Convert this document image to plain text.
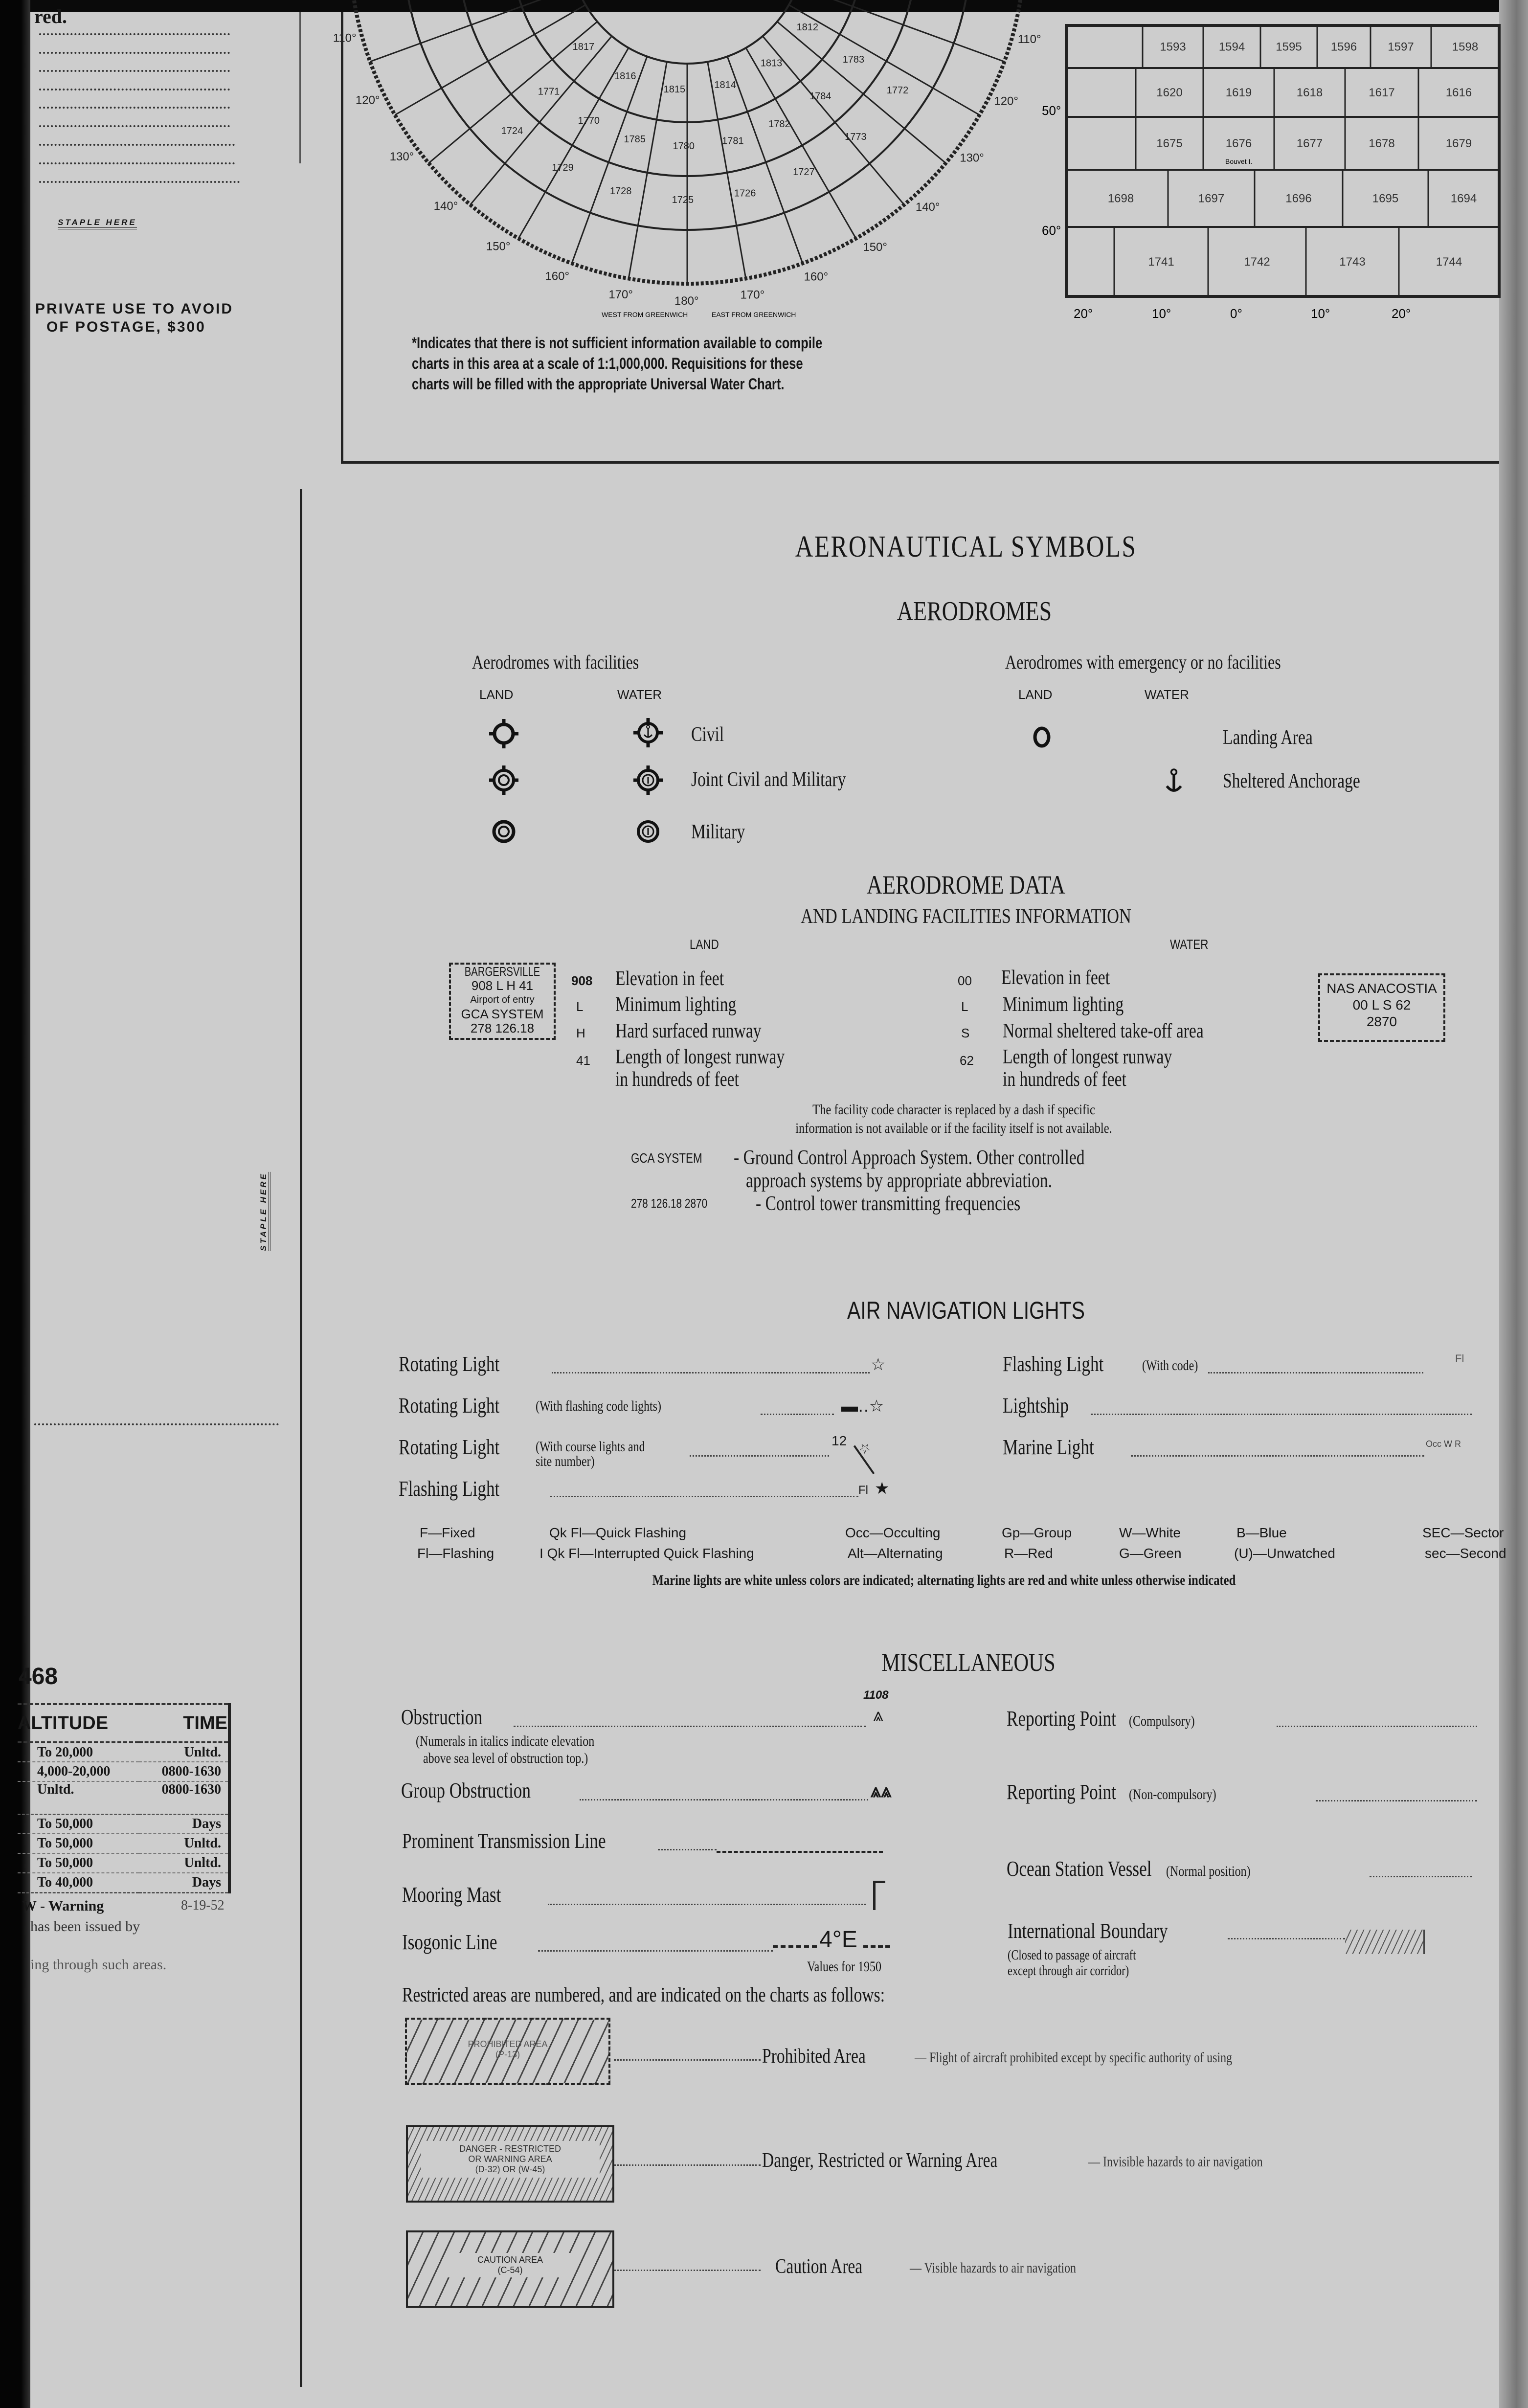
red.
STAPLE HERE
PRIVATE USE TO AVOID
OF POSTAGE, $300
STAPLE HERE
468
ALTITUDE	TIME
To 20,000	Unltd.
4,000-20,000	0800-1630
Unltd.	0800-1630
To 50,000	Days
To 50,000	Unltd.
To 50,000	Unltd.
To 40,000	Days
W - Warning	8-19-52
has been issued by
ing through such areas.
1812
1813
1814
1815
1816
1817
1783
1784
1782
1781
1780
1785
1770
1771	1772
1773
1727
1726
1725
1728
1729
1724
110°
120°
130°
140°
150°
160°
170°	180°	170°
160°
150°
140°
130°
120°
110°
WEST FROM GREENWICH	EAST FROM GREENWICH
1593	1594	1595 1596	1597	1598
1620	1619	1618	1617	1616
1675	1676	1677	1678	1679
1698	1697	1696	1695	1694
1741	1742	1743	1744
Bouvet I.
50°
60°
20°	10°	0°	10°	20°
*Indicates that there is not sufficient information available to compile
charts in this area at a scale of 1:1,000,000. Requisitions for these
charts will be filled with the appropriate Universal Water Chart.
AERONAUTICAL SYMBOLS
AERODROMES
Aerodromes with facilities	Aerodromes with emergency or no facilities
LAND	WATER	LAND	WATER
Civil
Joint Civil and Military
Military
Landing Area
Sheltered Anchorage
AERODROME DATA
AND LANDING FACILITIES INFORMATION
LAND	WATER
BARGERSVILLE
908 L H 41
Airport of entry
GCA SYSTEM
278 126.18
NAS ANACOSTIA
00 L S 62
2870
908 Elevation in feet
L Minimum lighting
H Hard surfaced runway
41 Length of longest runway
in hundreds of feet
00 Elevation in feet
L Minimum lighting
S Normal sheltered take-off area
62 Length of longest runway
in hundreds of feet
The facility code character is replaced by a dash if specific
information is not available or if the facility itself is not available.
GCA SYSTEM	- Ground Control Approach System. Other controlled
approach systems by appropriate abbreviation.
278 126.18 2870	- Control tower transmitting frequencies
AIR NAVIGATION LIGHTS
Rotating Light	☆
Rotating Light	(With flashing code lights)	▬‥☆
Rotating Light	(With course lights and
site number)
12 ☆
Flashing Light	Fl ★
Flashing Light	(With code)	Fl
Lightship
Marine Light	Occ W R
F—Fixed	Qk Fl—Quick Flashing	Occ—Occulting	Gp—Group	W—White	B—Blue	SEC—Sector
Fl—Flashing	I Qk Fl—Interrupted Quick Flashing	Alt—Alternating	R—Red	G—Green	(U)—Unwatched	sec—Second
Marine lights are white unless colors are indicated; alternating lights are red and white unless otherwise indicated
MISCELLANEOUS
1108
Obstruction	⩓
(Numerals in italics indicate elevation
above sea level of obstruction top.)
Group Obstruction	⩓⩓
Prominent Transmission Line
Mooring Mast
Isogonic Line	4°E
Values for 1950
Reporting Point (Compulsory)
Reporting Point (Non-compulsory)
Ocean Station Vessel (Normal position)
International Boundary
(Closed to passage of aircraft
except through air corridor)
Restricted areas are numbered, and are indicated on the charts as follows:
PROHIBITED AREA
(P-13)	Prohibited Area	— Flight of aircraft prohibited except by specific authority of using
DANGER - RESTRICTED
OR WARNING AREA
(D-32) OR (W-45)	Danger, Restricted or Warning Area	— Invisible hazards to air navigation
CAUTION AREA
(C-54)	Caution Area	— Visible hazards to air navigation
